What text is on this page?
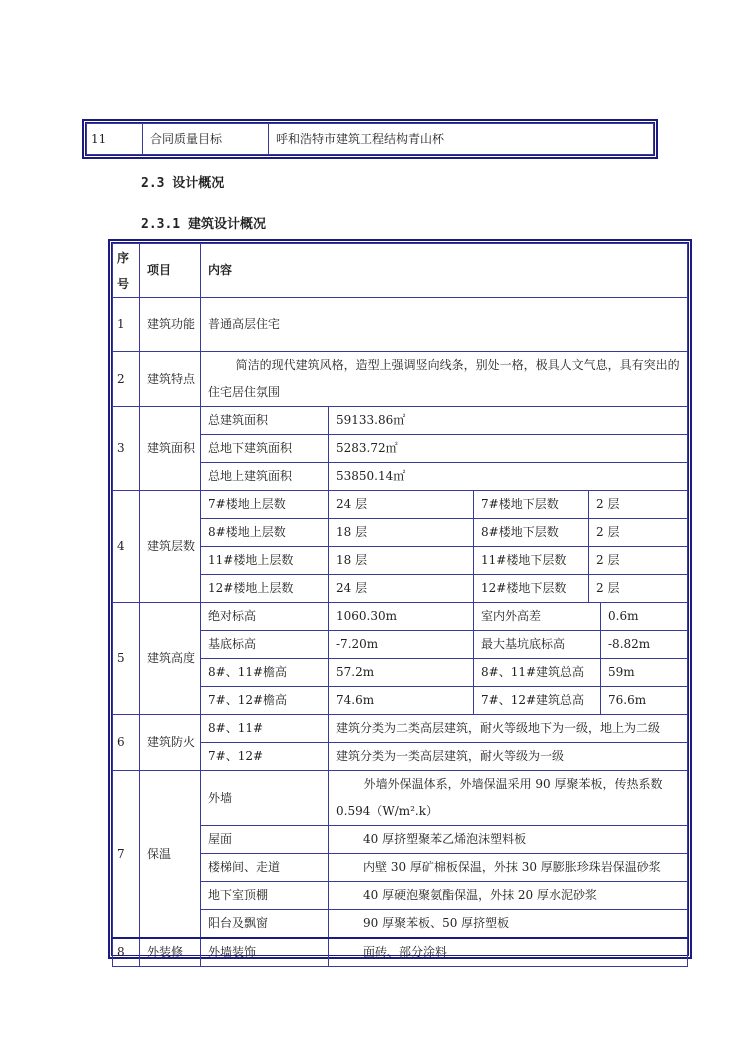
11	合同质量目标	呼和浩特市建筑工程结构青山杯
2.3 设计概况
2.3.1 建筑设计概况
序号	项目	内容				
1	建筑功能	普通高层住宅				
2	建筑特点	简洁的现代建筑风格，造型上强调竖向线条，别处一格，极具人文气息，具有突出的住宅居住氛围				
3	建筑面积	总建筑面积	59133.86㎡			
		总地下建筑面积	5283.72㎡			
		总地上建筑面积	53850.14㎡			
4	建筑层数	7#楼地上层数	24 层	7#楼地下层数	2 层	
		8#楼地上层数	18 层	8#楼地下层数	2 层	
		11#楼地上层数	18 层	11#楼地下层数	2 层	
		12#楼地上层数	24 层	12#楼地下层数	2 层	
5	建筑高度	绝对标高	1060.30m	室内外高差		0.6m
		基底标高	-7.20m	最大基坑底标高		-8.82m
		8#、11#檐高	57.2m	8#、11#建筑总高		59m
		7#、12#檐高	74.6m	7#、12#建筑总高		76.6m
6	建筑防火	8#、11#	建筑分类为二类高层建筑，耐火等级地下为一级，地上为二级			
		7#、12#	建筑分类为一类高层建筑，耐火等级为一级			
7	保温	外墙	外墙外保温体系，外墙保温采用 90 厚聚苯板，传热系数 0.594（W/m².k）			
		屋面	40 厚挤塑聚苯乙烯泡沫塑料板			
		楼梯间、走道	内壁 30 厚矿棉板保温，外抹 30 厚膨胀珍珠岩保温砂浆			
		地下室顶棚	40 厚硬泡聚氨酯保温，外抹 20 厚水泥砂浆			
		阳台及飘窗	90 厚聚苯板、50 厚挤塑板			
8	外装修	外墙装饰	面砖、部分涂料			
